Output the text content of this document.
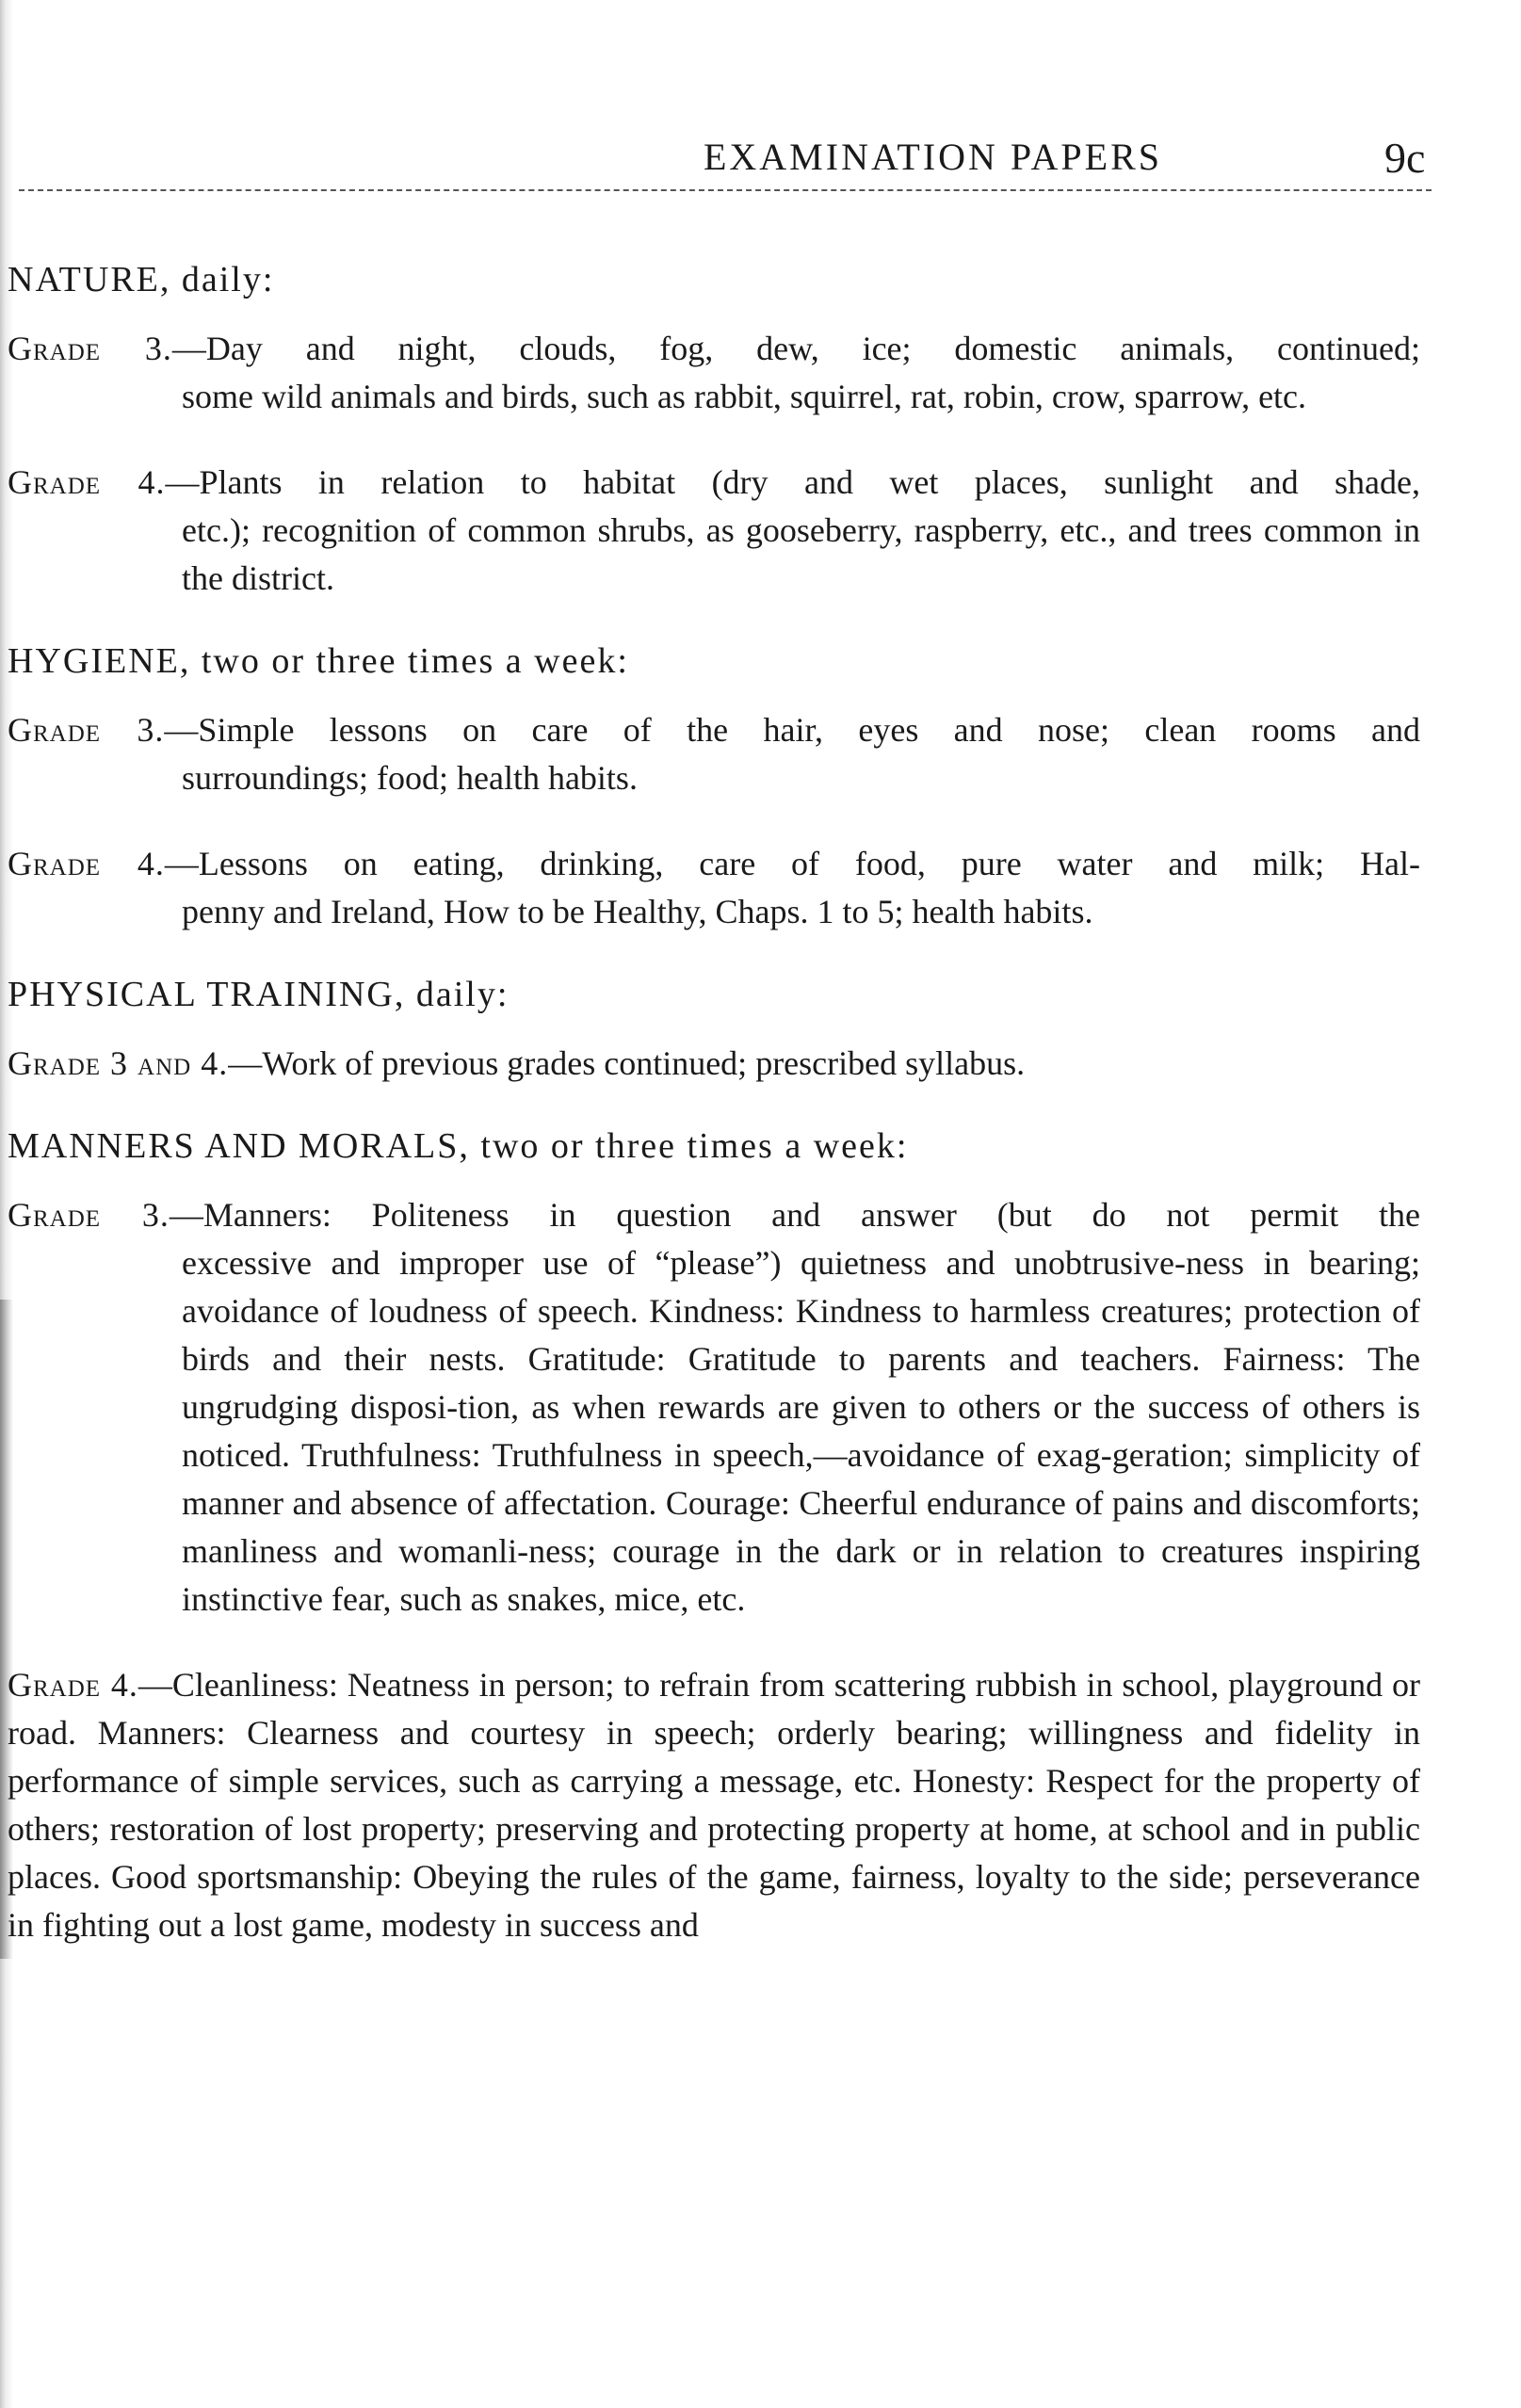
EXAMINATION PAPERS	9c

NATURE, daily:

Grade 3.—Day and night, clouds, fog, dew, ice; domestic animals, continued;
some wild animals and birds, such as rabbit, squirrel, rat, robin, crow, sparrow, etc.
Grade 4.—Plants in relation to habitat (dry and wet places, sunlight and shade,
etc.); recognition of common shrubs, as gooseberry, raspberry, etc., and trees common in the district.

HYGIENE, two or three times a week:

Grade 3.—Simple lessons on care of the hair, eyes and nose; clean rooms and
surroundings; food; health habits.
Grade 4.—Lessons on eating, drinking, care of food, pure water and milk; Hal-
penny and Ireland, How to be Healthy, Chaps. 1 to 5; health habits.

PHYSICAL TRAINING, daily:

Grade 3 and 4.—Work of previous grades continued; prescribed syllabus.

MANNERS AND MORALS, two or three times a week:

Grade 3.—Manners: Politeness in question and answer (but do not permit the
excessive and improper use of “please”) quietness and unobtrusive-ness in bearing; avoidance of loudness of speech. Kindness: Kindness to harmless creatures; protection of birds and their nests. Gratitude: Gratitude to parents and teachers. Fairness: The ungrudging disposi-tion, as when rewards are given to others or the success of others is noticed. Truthfulness: Truthfulness in speech,—avoidance of exag-geration; simplicity of manner and absence of affectation. Courage: Cheerful endurance of pains and discomforts; manliness and womanli-ness; courage in the dark or in relation to creatures inspiring instinctive fear, such as snakes, mice, etc.
Grade 4.—Cleanliness: Neatness in person; to refrain from scattering rubbish in school, playground or road. Manners: Clearness and courtesy in speech; orderly bearing; willingness and fidelity in performance of simple services, such as carrying a message, etc. Honesty: Respect for the property of others; restoration of lost property; preserving and protecting property at home, at school and in public places. Good sportsmanship: Obeying the rules of the game, fairness, loyalty to the side; perseverance in fighting out a lost game, modesty in success and
